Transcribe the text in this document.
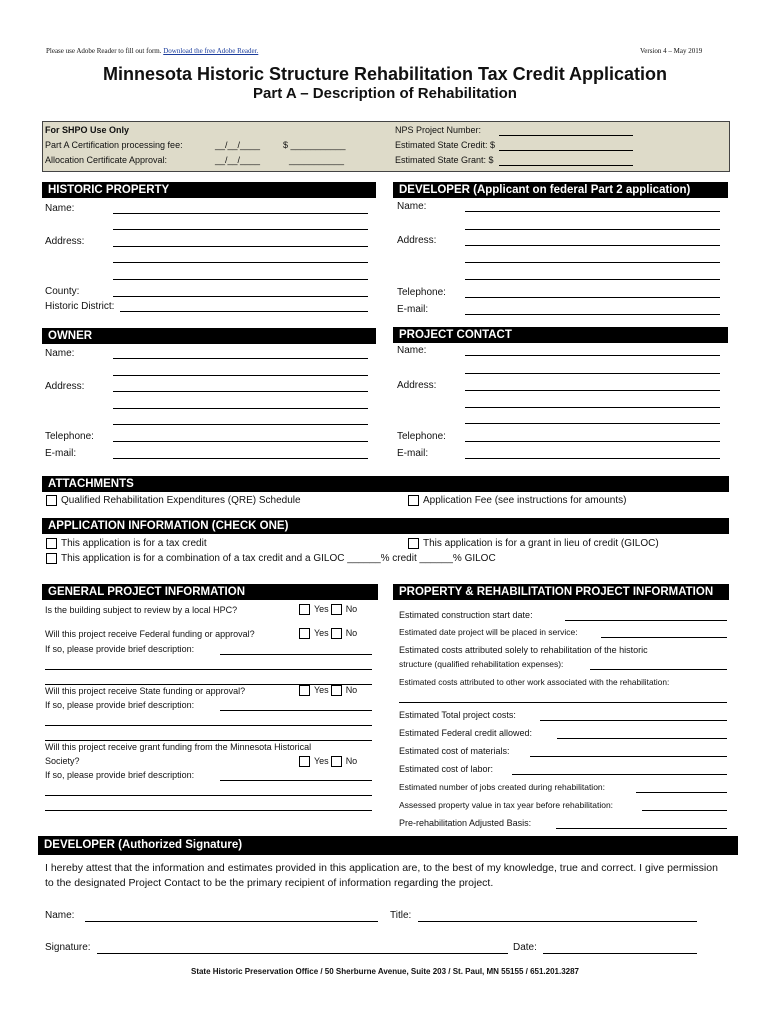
Please use Adobe Reader to fill out form. Download the free Adobe Reader.	Version 4 – May 2019
Minnesota Historic Structure Rehabilitation Tax Credit Application
Part A – Description of Rehabilitation
For SHPO Use Only
Part A Certification processing fee:	__/__/____	$ ___________
Allocation Certificate Approval:	__/__/____	___________
NPS Project Number:
Estimated State Credit: $
Estimated State Grant: $
HISTORIC PROPERTY
Name:
Address:
County:
Historic District:
DEVELOPER (Applicant on federal Part 2 application)
Name:
Address:
Telephone:
E-mail:
OWNER
Name:
Address:
Telephone:
E-mail:
PROJECT CONTACT
Name:
Address:
Telephone:
E-mail:
ATTACHMENTS
Qualified Rehabilitation Expenditures (QRE) Schedule	Application Fee (see instructions for amounts)
APPLICATION INFORMATION (CHECK ONE)
This application is for a tax credit	This application is for a grant in lieu of credit (GILOC)
This application is for a combination of a tax credit and a GILOC ______% credit ______% GILOC
GENERAL PROJECT INFORMATION
Is the building subject to review by a local HPC?	Yes No
Will this project receive Federal funding or approval?	Yes No
If so, please provide brief description:
Will this project receive State funding or approval?	Yes No
If so, please provide brief description:
Will this project receive grant funding from the Minnesota Historical
Society?	Yes No
If so, please provide brief description:
PROPERTY & REHABILITATION PROJECT INFORMATION
Estimated construction start date:
Estimated date project will be placed in service:
Estimated costs attributed solely to rehabilitation of the historic
structure (qualified rehabilitation expenses):
Estimated costs attributed to other work associated with the rehabilitation:
Estimated Total project costs:
Estimated Federal credit allowed:
Estimated cost of materials:
Estimated cost of labor:
Estimated number of jobs created during rehabilitation:
Assessed property value in tax year before rehabilitation:
Pre-rehabilitation Adjusted Basis:
DEVELOPER (Authorized Signature)
I hereby attest that the information and estimates provided in this application are, to the best of my knowledge, true and correct. I give permission to the designated Project Contact to be the primary recipient of information regarding the project.
Name:	Title:
Signature:	Date:
State Historic Preservation Office / 50 Sherburne Avenue, Suite 203 / St. Paul, MN 55155 / 651.201.3287
